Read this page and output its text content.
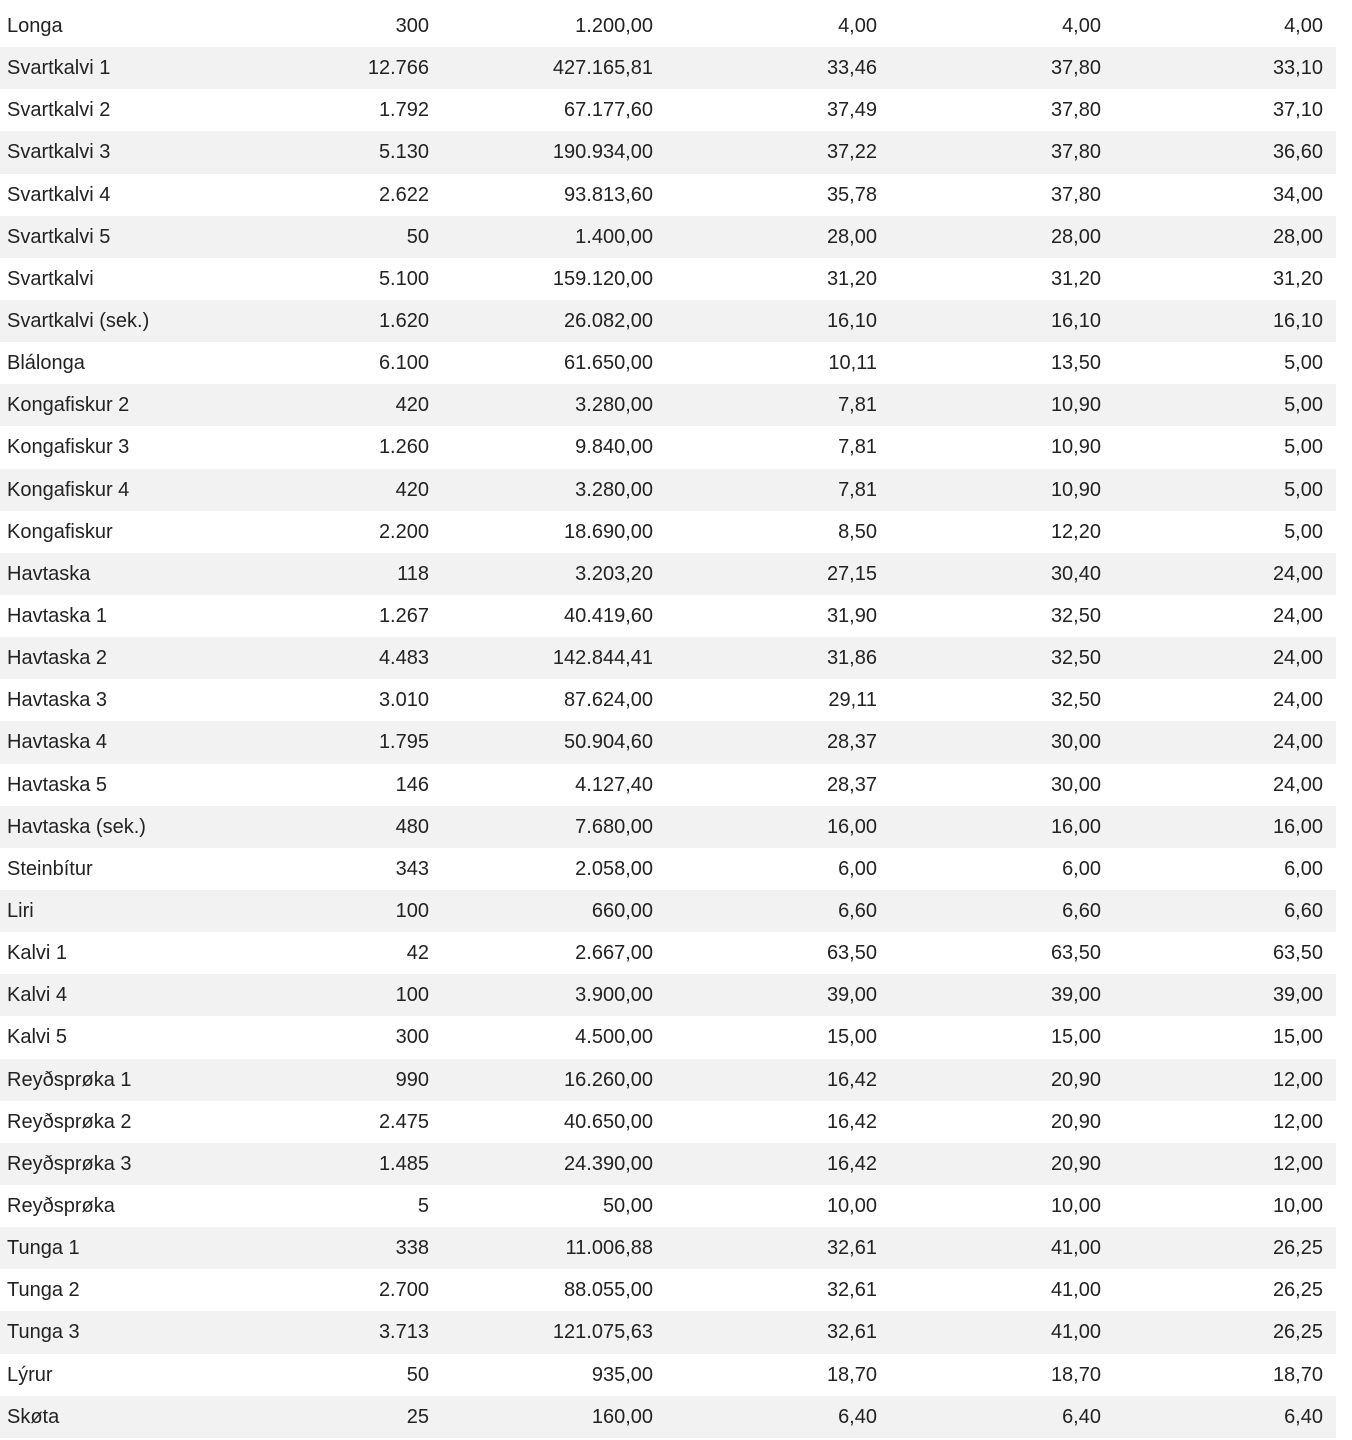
Longa	300	1.200,00	4,00	4,00	4,00
Svartkalvi 1	12.766	427.165,81	33,46	37,80	33,10
Svartkalvi 2	1.792	67.177,60	37,49	37,80	37,10
Svartkalvi 3	5.130	190.934,00	37,22	37,80	36,60
Svartkalvi 4	2.622	93.813,60	35,78	37,80	34,00
Svartkalvi 5	50	1.400,00	28,00	28,00	28,00
Svartkalvi	5.100	159.120,00	31,20	31,20	31,20
Svartkalvi (sek.)	1.620	26.082,00	16,10	16,10	16,10
Blálonga	6.100	61.650,00	10,11	13,50	5,00
Kongafiskur 2	420	3.280,00	7,81	10,90	5,00
Kongafiskur 3	1.260	9.840,00	7,81	10,90	5,00
Kongafiskur 4	420	3.280,00	7,81	10,90	5,00
Kongafiskur	2.200	18.690,00	8,50	12,20	5,00
Havtaska	118	3.203,20	27,15	30,40	24,00
Havtaska 1	1.267	40.419,60	31,90	32,50	24,00
Havtaska 2	4.483	142.844,41	31,86	32,50	24,00
Havtaska 3	3.010	87.624,00	29,11	32,50	24,00
Havtaska 4	1.795	50.904,60	28,37	30,00	24,00
Havtaska 5	146	4.127,40	28,37	30,00	24,00
Havtaska (sek.)	480	7.680,00	16,00	16,00	16,00
Steinbítur	343	2.058,00	6,00	6,00	6,00
Liri	100	660,00	6,60	6,60	6,60
Kalvi 1	42	2.667,00	63,50	63,50	63,50
Kalvi 4	100	3.900,00	39,00	39,00	39,00
Kalvi 5	300	4.500,00	15,00	15,00	15,00
Reyðsprøka 1	990	16.260,00	16,42	20,90	12,00
Reyðsprøka 2	2.475	40.650,00	16,42	20,90	12,00
Reyðsprøka 3	1.485	24.390,00	16,42	20,90	12,00
Reyðsprøka	5	50,00	10,00	10,00	10,00
Tunga 1	338	11.006,88	32,61	41,00	26,25
Tunga 2	2.700	88.055,00	32,61	41,00	26,25
Tunga 3	3.713	121.075,63	32,61	41,00	26,25
Lýrur	50	935,00	18,70	18,70	18,70
Skøta	25	160,00	6,40	6,40	6,40
